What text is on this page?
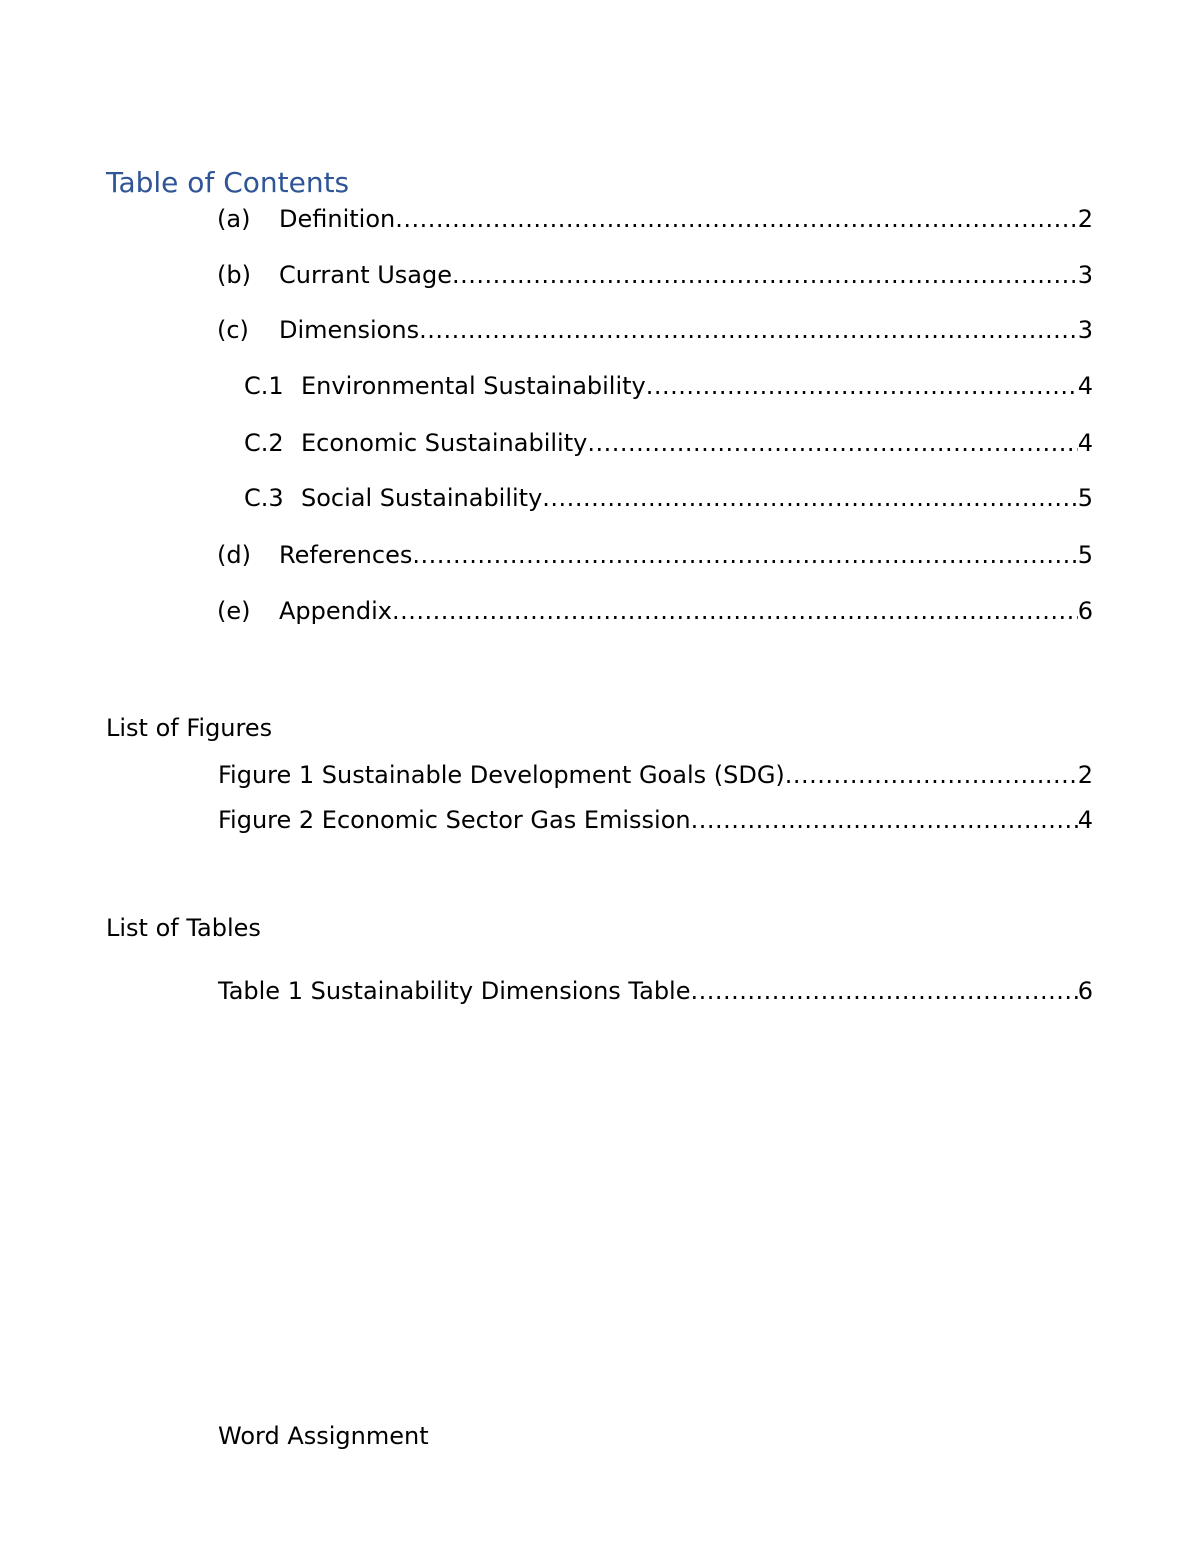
Table of Contents
(a)	Definition .....	2
(b)	Currant Usage .....	3
(c)	Dimensions .....	3
C.1 Environmental Sustainability .....	4
C.2 Economic Sustainability .....	4
C.3 Social Sustainability .....	5
(d)	References .....	5
(e)	Appendix .....	6
List of Figures
Figure 1 Sustainable Development Goals (SDG) .....	2
Figure 2 Economic Sector Gas Emission .....	4
List of Tables
Table 1 Sustainability Dimensions Table .....	6

Word Assignment
